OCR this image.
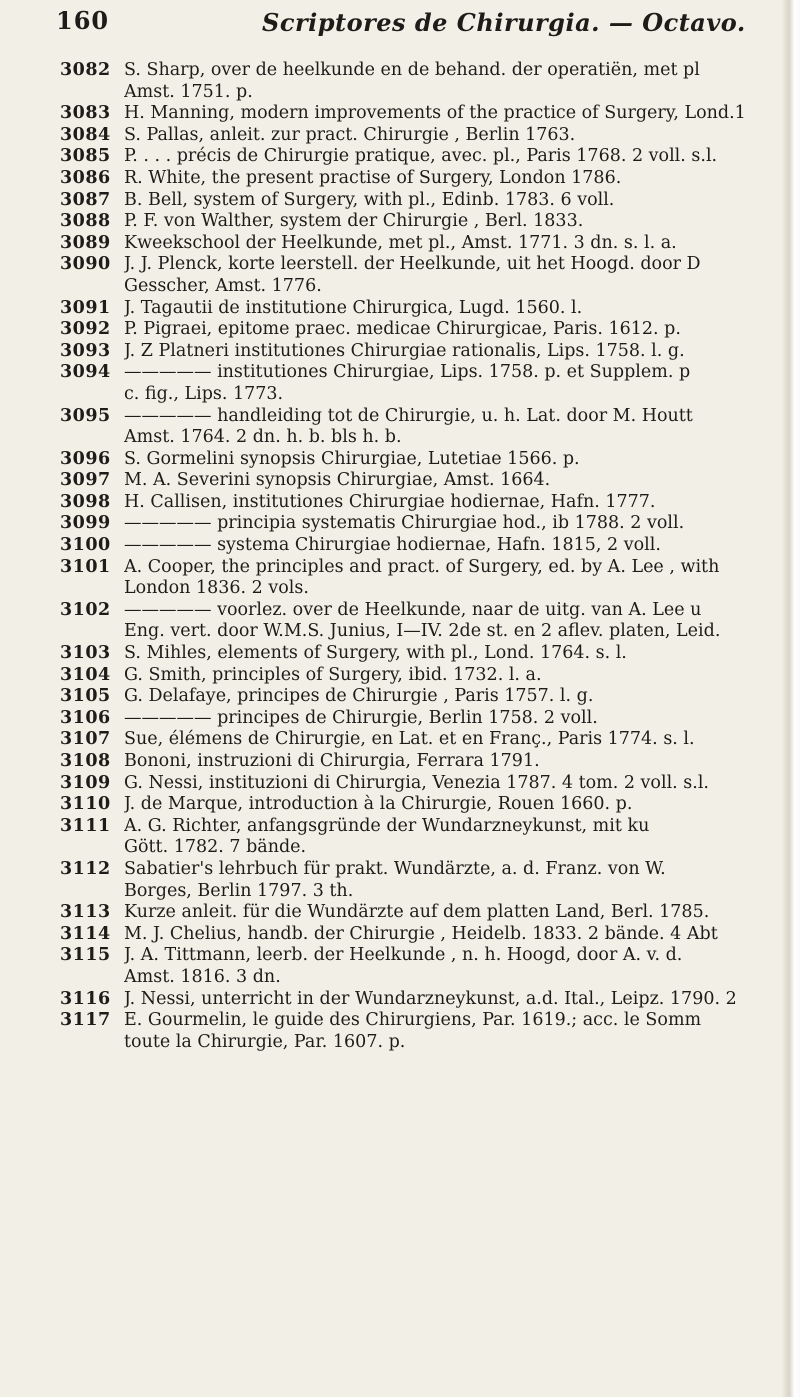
160	Scriptores de Chirurgia. — Octavo.
3082 S. Sharp, over de heelkunde en de behand. der operatiën, met pl
Amst. 1751. p.
3083 H. Manning, modern improvements of the practice of Surgery, Lond.1
3084 S. Pallas, anleit. zur pract. Chirurgie , Berlin 1763.
3085 P. . . . précis de Chirurgie pratique, avec. pl., Paris 1768. 2 voll. s.l.
3086 R. White, the present practise of Surgery, London 1786.
3087 B. Bell, system of Surgery, with pl., Edinb. 1783. 6 voll.
3088 P. F. von Walther, system der Chirurgie , Berl. 1833.
3089 Kweekschool der Heelkunde, met pl., Amst. 1771. 3 dn. s. l. a.
3090 J. J. Plenck, korte leerstell. der Heelkunde, uit het Hoogd. door D
Gesscher, Amst. 1776.
3091 J. Tagautii de institutione Chirurgica, Lugd. 1560. l.
3092 P. Pigraei, epitome praec. medicae Chirurgicae, Paris. 1612. p.
3093 J. Z Platneri institutiones Chirurgiae rationalis, Lips. 1758. l. g.
3094 ————— institutiones Chirurgiae, Lips. 1758. p. et Supplem. p
c. fig., Lips. 1773.
3095 ————— handleiding tot de Chirurgie, u. h. Lat. door M. Houtt
Amst. 1764. 2 dn. h. b. bls h. b.
3096 S. Gormelini synopsis Chirurgiae, Lutetiae 1566. p.
3097 M. A. Severini synopsis Chirurgiae, Amst. 1664.
3098 H. Callisen, institutiones Chirurgiae hodiernae, Hafn. 1777.
3099 ————— principia systematis Chirurgiae hod., ib 1788. 2 voll.
3100 ————— systema Chirurgiae hodiernae, Hafn. 1815, 2 voll.
3101 A. Cooper, the principles and pract. of Surgery, ed. by A. Lee , with
London 1836. 2 vols.
3102 ————— voorlez. over de Heelkunde, naar de uitg. van A. Lee u
Eng. vert. door W.M.S. Junius, I—IV. 2de st. en 2 aflev. platen, Leid.
3103 S. Mihles, elements of Surgery, with pl., Lond. 1764. s. l.
3104 G. Smith, principles of Surgery, ibid. 1732. l. a.
3105 G. Delafaye, principes de Chirurgie , Paris 1757. l. g.
3106 ————— principes de Chirurgie, Berlin 1758. 2 voll.
3107 Sue, élémens de Chirurgie, en Lat. et en Franç., Paris 1774. s. l.
3108 Bononi, instruzioni di Chirurgia, Ferrara 1791.
3109 G. Nessi, instituzioni di Chirurgia, Venezia 1787. 4 tom. 2 voll. s.l.
3110 J. de Marque, introduction à la Chirurgie, Rouen 1660. p.
3111 A. G. Richter, anfangsgründe der Wundarzneykunst, mit ku
Gött. 1782. 7 bände.
3112 Sabatier's lehrbuch für prakt. Wundärzte, a. d. Franz. von W.
Borges, Berlin 1797. 3 th.
3113 Kurze anleit. für die Wundärzte auf dem platten Land, Berl. 1785.
3114 M. J. Chelius, handb. der Chirurgie , Heidelb. 1833. 2 bände. 4 Abt
3115 J. A. Tittmann, leerb. der Heelkunde , n. h. Hoogd, door A. v. d.
Amst. 1816. 3 dn.
3116 J. Nessi, unterricht in der Wundarzneykunst, a.d. Ital., Leipz. 1790. 2
3117 E. Gourmelin, le guide des Chirurgiens, Par. 1619.; acc. le Somm
toute la Chirurgie, Par. 1607. p.
